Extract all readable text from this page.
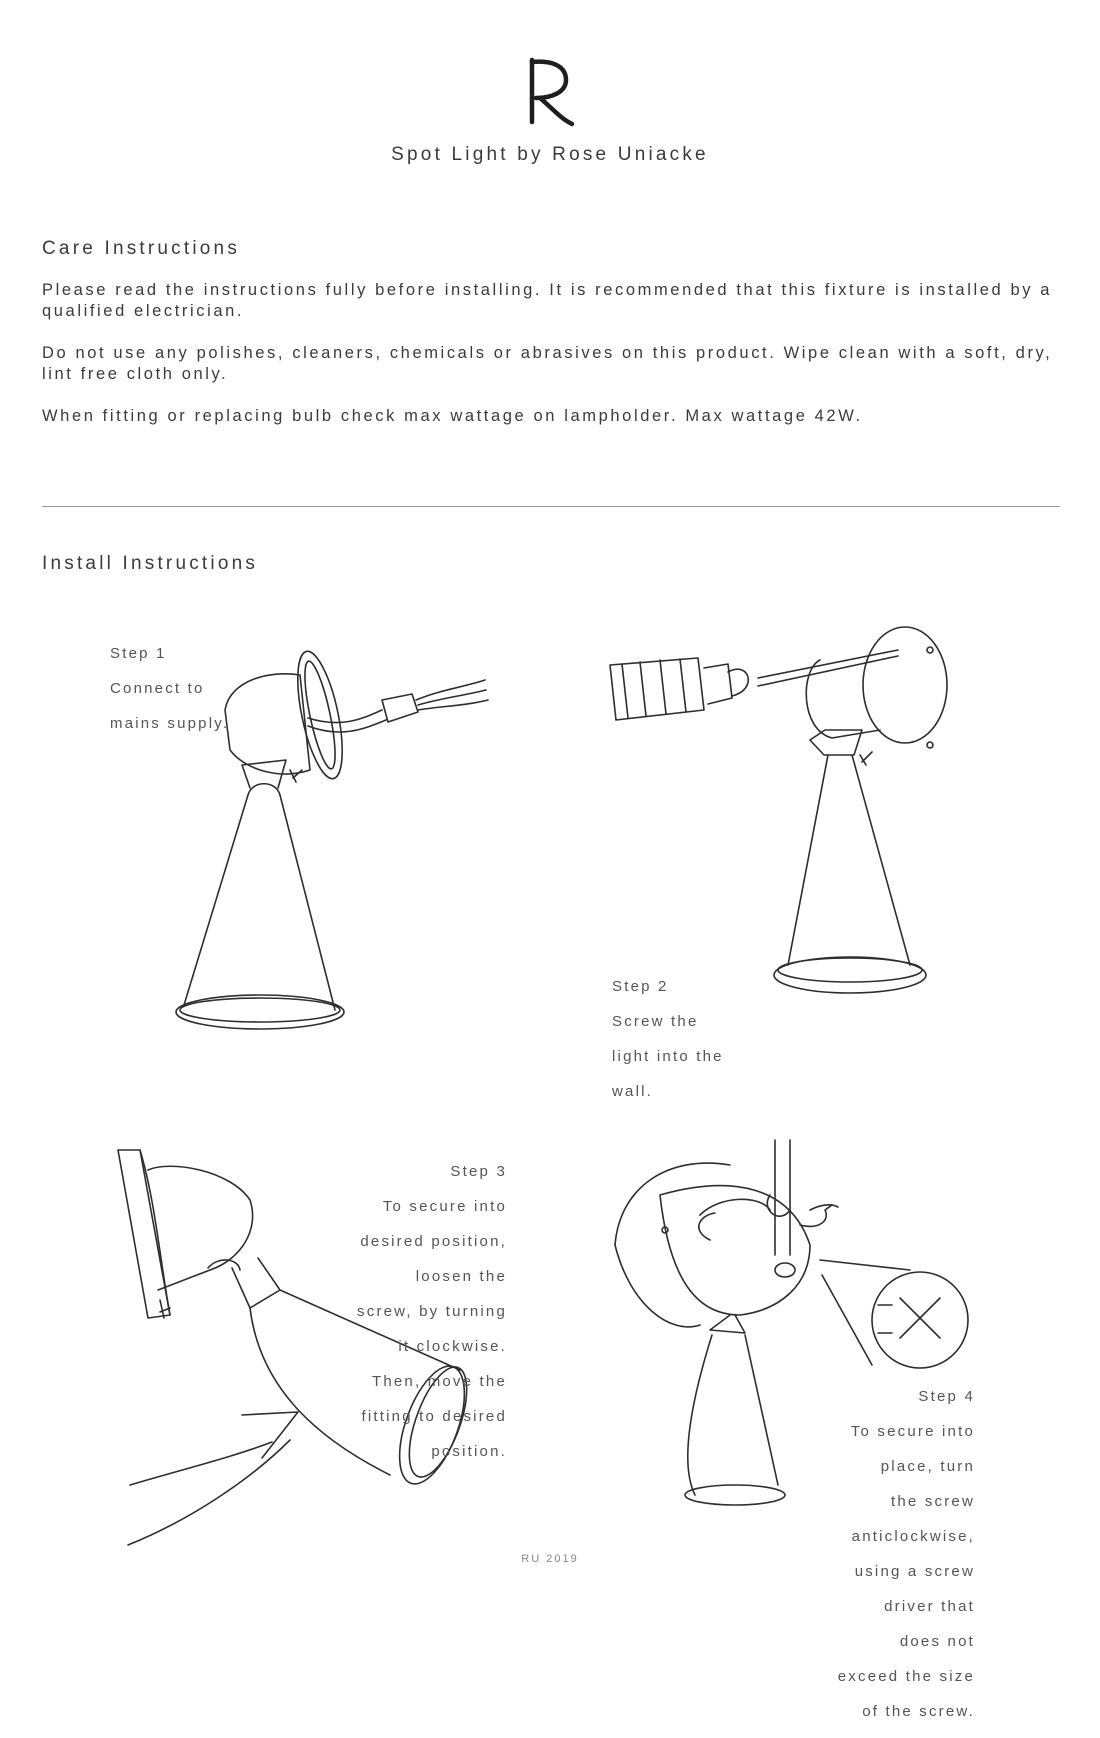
Spot Light by Rose Uniacke
Care Instructions
Please read the instructions fully before installing. It is recommended that this fixture is installed by a qualified electrician.
Do not use any polishes, cleaners, chemicals or abrasives on this product. Wipe clean with a soft, dry, lint free cloth only.
When fitting or replacing bulb check max wattage on lampholder. Max wattage 42W.
Install Instructions

Step 1

Connect to

mains supply.

Step 2

Screw the

light into the

wall.

Step 3

To secure into

desired position,

loosen the

screw, by turning

it clockwise.

Then, move the

fitting to desired

position.

Step 4

To secure into

place, turn

the screw

anticlockwise,

using a screw

driver that

does not

exceed the size

of the screw.

RU 2019
